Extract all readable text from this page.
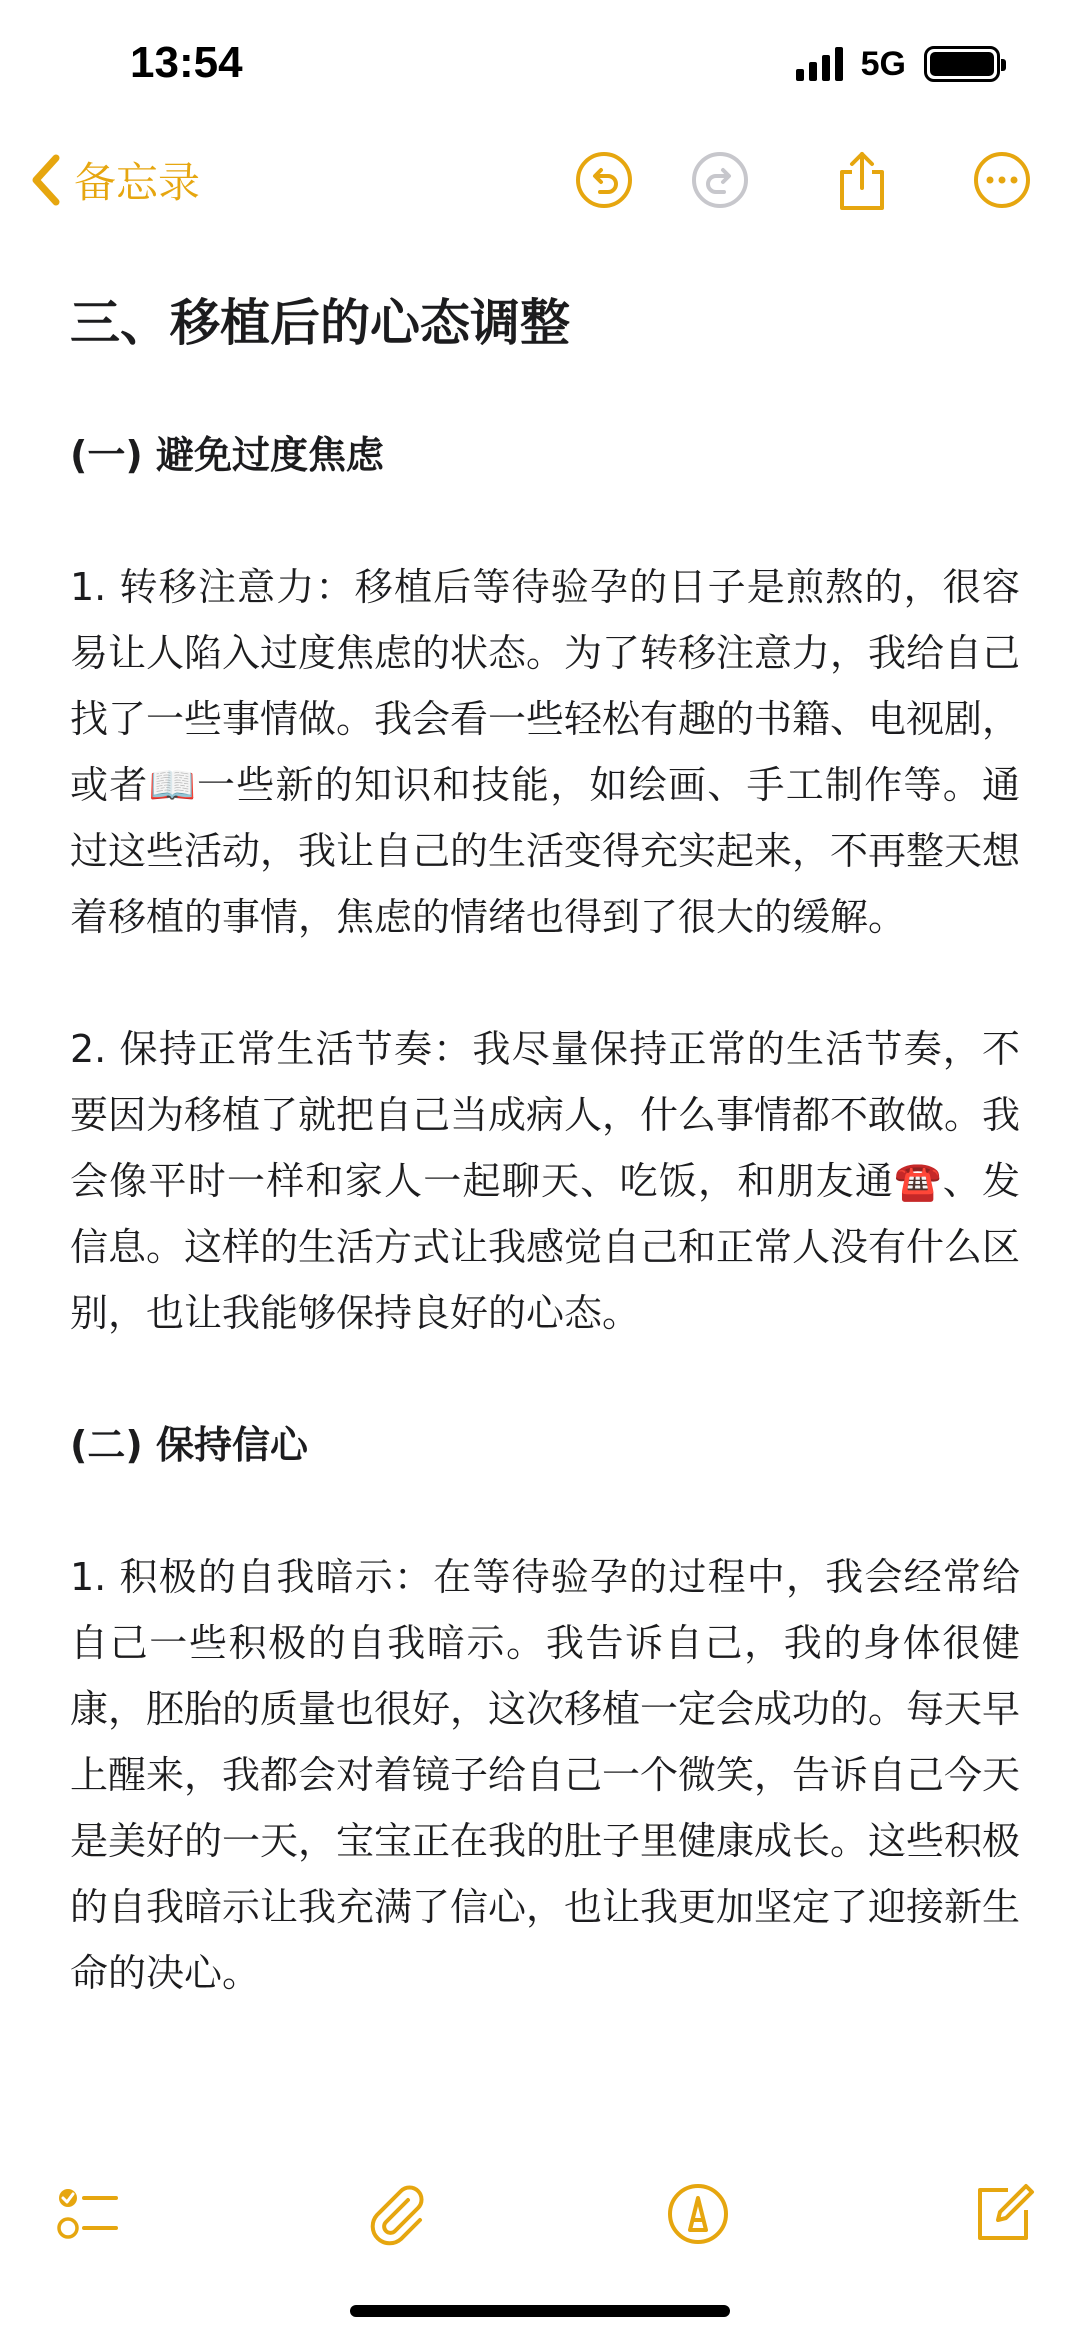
13:54	5G
备忘录
三、移植后的心态调整
(一) 避免过度焦虑
1. 转移注意力：移植后等待验孕的日子是煎熬的，很容易让人陷入过度焦虑的状态。为了转移注意力，我给自己找了一些事情做。我会看一些轻松有趣的书籍、电视剧，或者📖一些新的知识和技能，如绘画、手工制作等。通过这些活动，我让自己的生活变得充实起来，不再整天想着移植的事情，焦虑的情绪也得到了很大的缓解。
2. 保持正常生活节奏：我尽量保持正常的生活节奏，不要因为移植了就把自己当成病人，什么事情都不敢做。我会像平时一样和家人一起聊天、吃饭，和朋友通☎️、发信息。这样的生活方式让我感觉自己和正常人没有什么区别，也让我能够保持良好的心态。
(二) 保持信心
1. 积极的自我暗示：在等待验孕的过程中，我会经常给自己一些积极的自我暗示。我告诉自己，我的身体很健康，胚胎的质量也很好，这次移植一定会成功的。每天早上醒来，我都会对着镜子给自己一个微笑，告诉自己今天是美好的一天，宝宝正在我的肚子里健康成长。这些积极的自我暗示让我充满了信心，也让我更加坚定了迎接新生命的决心。
